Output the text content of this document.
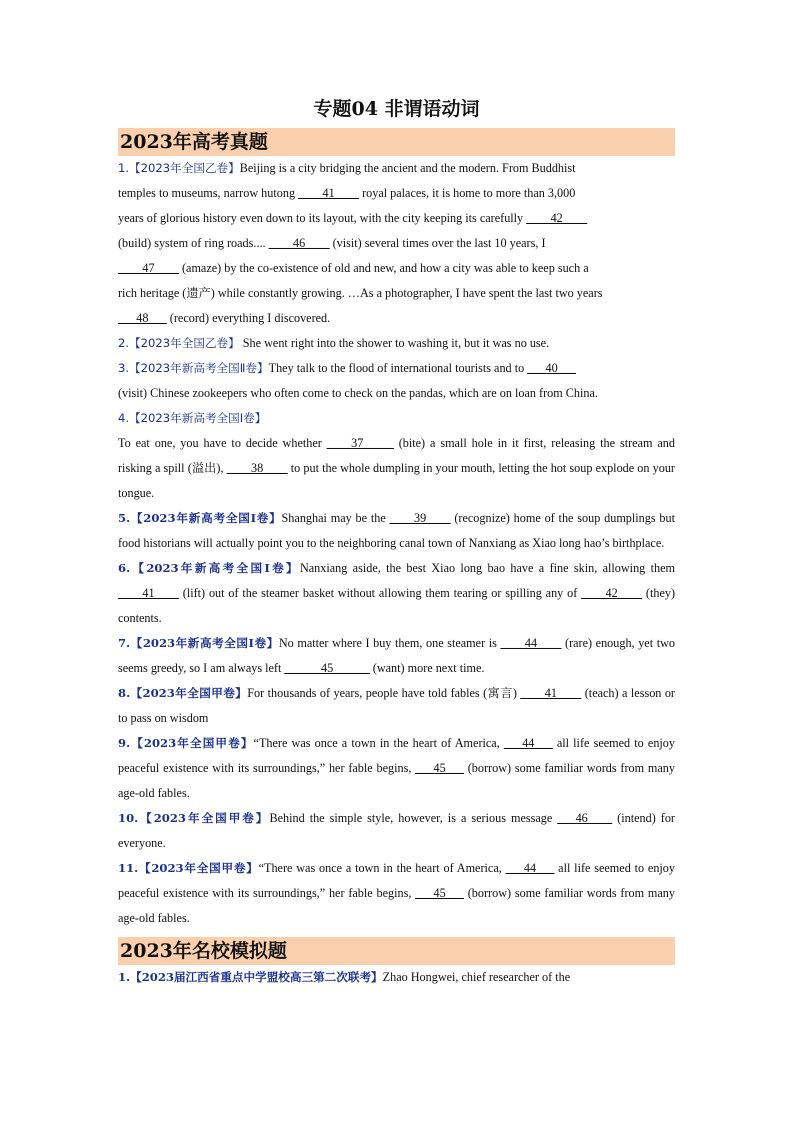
专题04 非谓语动词
2023年高考真题

1.【2023年全国乙卷】Beijing is a city bridging the ancient and the modern. From Buddhist

temples to museums, narrow hutong ____41____ royal palaces, it is home to more than 3,000

years of glorious history even down to its layout, with the city keeping its carefully ____42____

(build) system of ring roads.... ____46____ (visit) several times over the last 10 years, I

____47____ (amaze) by the co-existence of old and new, and how a city was able to keep such a

rich heritage (遗产) while constantly growing. …As a photographer, I have spent the last two years

___48___ (record) everything I discovered.

2.【2023年全国乙卷】 She went right into the shower to washing it, but it was no use.

3.【2023年新高考全国Ⅱ卷】They talk to the flood of international tourists and to ___40___
(visit) Chinese zookeepers who often come to check on the pandas, which are on loan from China.

4.【2023年新高考全国Ⅰ卷】

To eat one, you have to decide whether ____37_____ (bite) a small hole in it first, releasing the stream and risking a spill (溢出), ____38____ to put the whole dumpling in your mouth, letting the hot soup explode on your tongue.

5.【2023年新高考全国Ⅰ卷】Shanghai may be the ____39____ (recognize) home of the soup dumplings but food historians will actually point you to the neighboring canal town of Nanxiang as Xiao long hao’s birthplace.

6.【2023年新高考全国Ⅰ卷】Nanxiang aside, the best Xiao long bao have a fine skin, allowing them ____41____ (lift) out of the steamer basket without allowing them tearing or spilling any of ____42____ (they) contents.

7.【2023年新高考全国Ⅰ卷】No matter where I buy them, one steamer is ____44____ (rare) enough, yet two seems greedy, so I am always left ______45______ (want) more next time.

8.【2023年全国甲卷】For thousands of years, people have told fables (寓言) ____41____ (teach) a lesson or to pass on wisdom

9.【2023年全国甲卷】“There was once a town in the heart of America, ___44___ all life seemed to enjoy peaceful existence with its surroundings,” her fable begins, ___45___ (borrow) some familiar words from many age-old fables.

10.【2023年全国甲卷】Behind the simple style, however, is a serious message ___46____ (intend) for everyone.

11.【2023年全国甲卷】“There was once a town in the heart of America, ___44___ all life seemed to enjoy peaceful existence with its surroundings,” her fable begins, ___45___ (borrow) some familiar words from many age-old fables.

2023年名校模拟题

1.【2023届江西省重点中学盟校高三第二次联考】Zhao Hongwei, chief researcher of the
